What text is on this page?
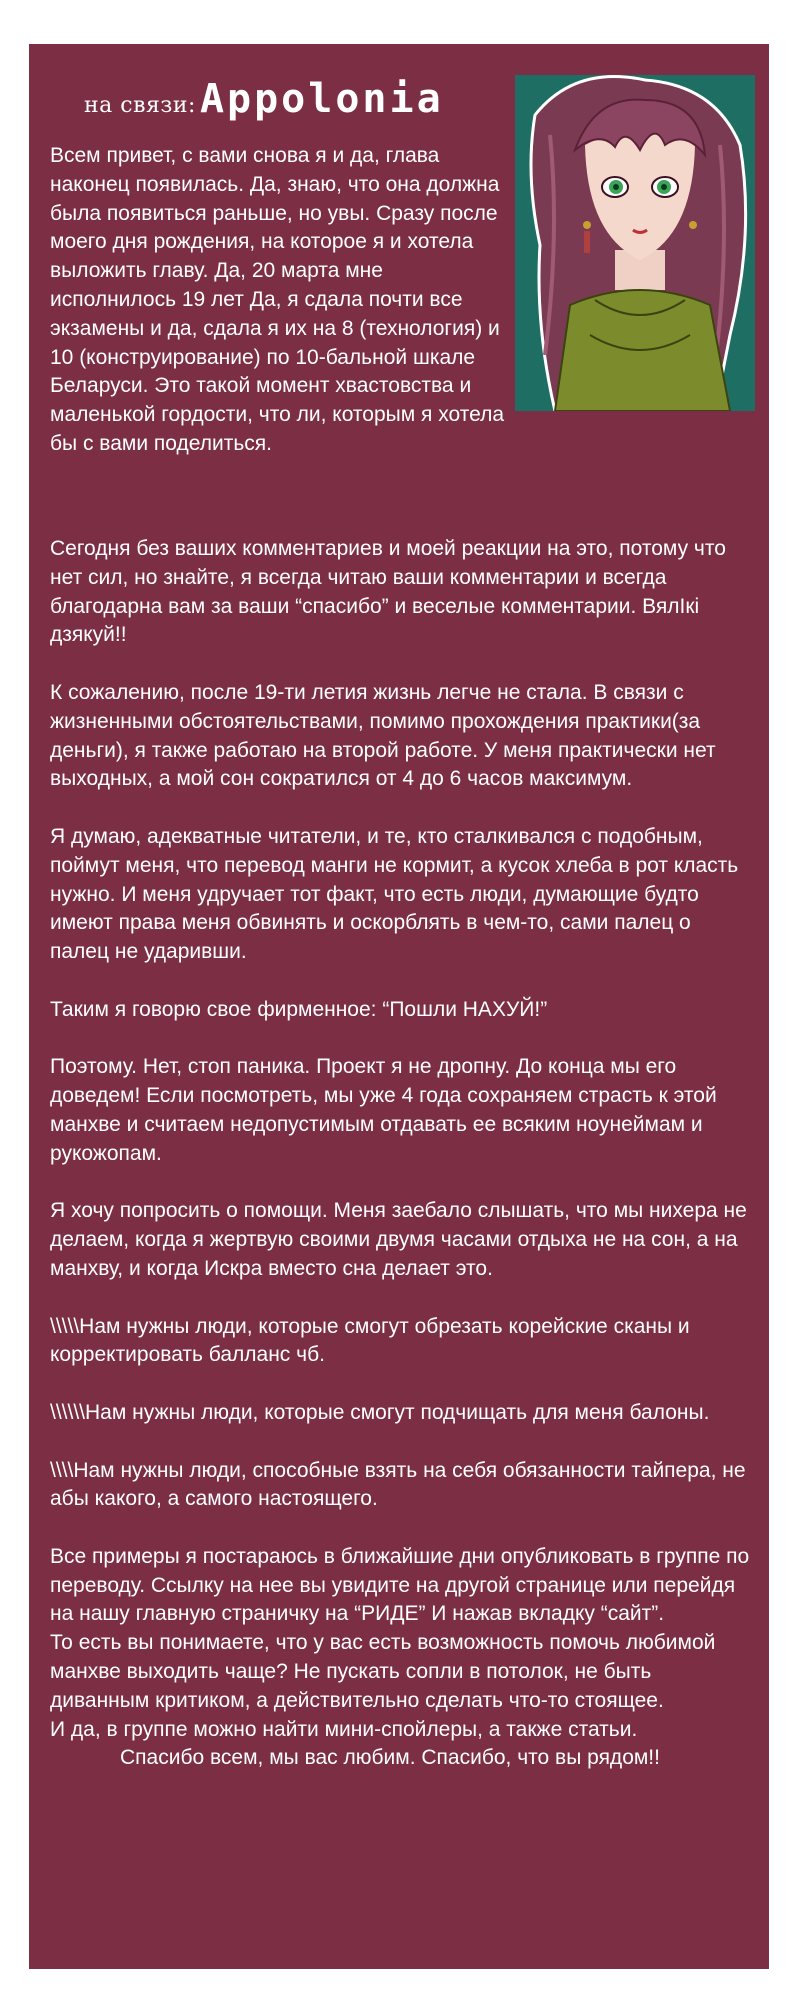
на связи: Appolonia
Всем привет, с вами снова я и да, глава наконец появилась. Да, знаю, что она должна была появиться раньше, но увы. Сразу после моего дня рождения, на которое я и хотела выложить главу. Да, 20 марта мне исполнилось 19 лет Да, я сдала почти все экзамены и да, сдала я их на 8 (технология) и 10 (конструирование) по 10-бальной шкале Беларуси. Это такой момент хвастовства и маленькой гордости, что ли, которым я хотела бы с вами поделиться.

Сегодня без ваших комментариев и моей реакции на это, потому что нет сил, но знайте, я всегда читаю ваши комментарии и всегда благодарна вам за ваши “спасибо” и веселые комментарии. ВялІкі дзякуй!!

К сожалению, после 19-ти летия жизнь легче не стала. В связи с жизненными обстоятельствами, помимо прохождения практики(за деньги), я также работаю на второй работе. У меня практически нет выходных, а мой сон сократился от 4 до 6 часов максимум.

Я думаю, адекватные читатели, и те, кто сталкивался с подобным, поймут меня, что перевод манги не кормит, а кусок хлеба в рот класть нужно. И меня удручает тот факт, что есть люди, думающие будто имеют права меня обвинять и оскорблять в чем-то, сами палец о палец не ударивши.

Таким я говорю свое фирменное: “Пошли НАХУЙ!”

Поэтому. Нет, стоп паника. Проект я не дропну. До конца мы его доведем! Если посмотреть, мы уже 4 года сохраняем страсть к этой манхве и считаем недопустимым отдавать ее всяким ноунеймам и рукожопам.

Я хочу попросить о помощи. Меня заебало слышать, что мы нихера не делаем, когда я жертвую своими двумя часами отдыха не на сон, а на манхву, и когда Искра вместо сна делает это.

\\\\\Нам нужны люди, которые смогут обрезать корейские сканы и корректировать балланс чб.

\\\\\\Нам нужны люди, которые смогут подчищать для меня балоны.

\\\\Нам нужны люди, способные взять на себя обязанности тайпера, не абы какого, а самого настоящего.

Все примеры я постараюсь в ближайшие дни опубликовать в группе по переводу. Ссылку на нее вы увидите на другой странице или перейдя на нашу главную страничку на “РИДЕ” И нажав вкладку “сайт”.

То есть вы понимаете, что у вас есть возможность помочь любимой манхве выходить чаще? Не пускать сопли в потолок, не быть диванным критиком, а действительно сделать что-то стоящее.

И да, в группе можно найти мини-спойлеры, а также статьи.

Спасибо всем, мы вас любим. Спасибо, что вы рядом!!
